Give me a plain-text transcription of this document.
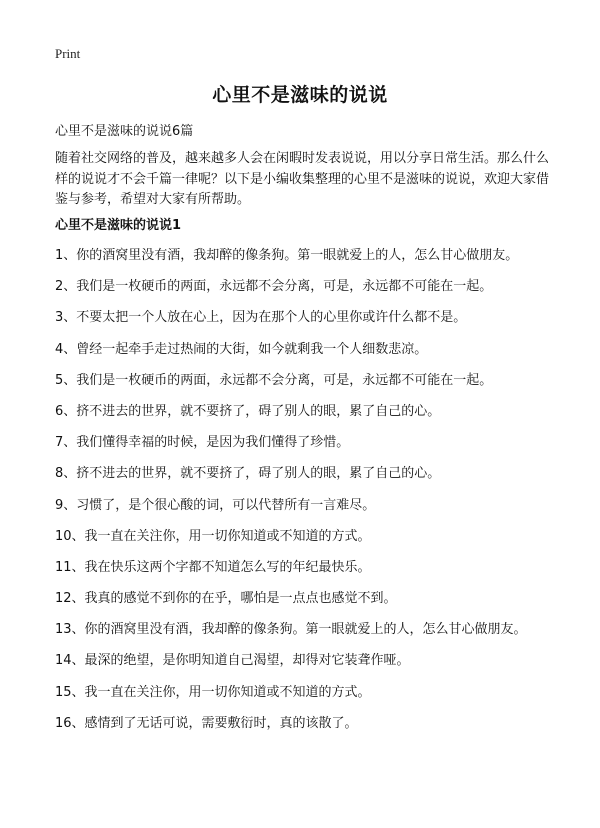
Print
心里不是滋味的说说

心里不是滋味的说说6篇

随着社交网络的普及，越来越多人会在闲暇时发表说说，用以分享日常生活。那么什么样的说说才不会千篇一律呢？以下是小编收集整理的心里不是滋味的说说，欢迎大家借鉴与参考，希望对大家有所帮助。

心里不是滋味的说说1
1、你的酒窝里没有酒，我却醉的像条狗。第一眼就爱上的人，怎么甘心做朋友。
2、我们是一枚硬币的两面，永远都不会分离，可是，永远都不可能在一起。
3、不要太把一个人放在心上，因为在那个人的心里你或许什么都不是。
4、曾经一起牵手走过热闹的大街，如今就剩我一个人细数悲凉。
5、我们是一枚硬币的两面，永远都不会分离，可是，永远都不可能在一起。
6、挤不进去的世界，就不要挤了，碍了别人的眼，累了自己的心。
7、我们懂得幸福的时候，是因为我们懂得了珍惜。
8、挤不进去的世界，就不要挤了，碍了别人的眼，累了自己的心。
9、习惯了，是个很心酸的词，可以代替所有一言难尽。
10、我一直在关注你，用一切你知道或不知道的方式。
11、我在快乐这两个字都不知道怎么写的年纪最快乐。
12、我真的感觉不到你的在乎，哪怕是一点点也感觉不到。
13、你的酒窝里没有酒，我却醉的像条狗。第一眼就爱上的人，怎么甘心做朋友。
14、最深的绝望，是你明知道自己渴望，却得对它装聋作哑。
15、我一直在关注你，用一切你知道或不知道的方式。
16、感情到了无话可说，需要敷衍时，真的该散了。
